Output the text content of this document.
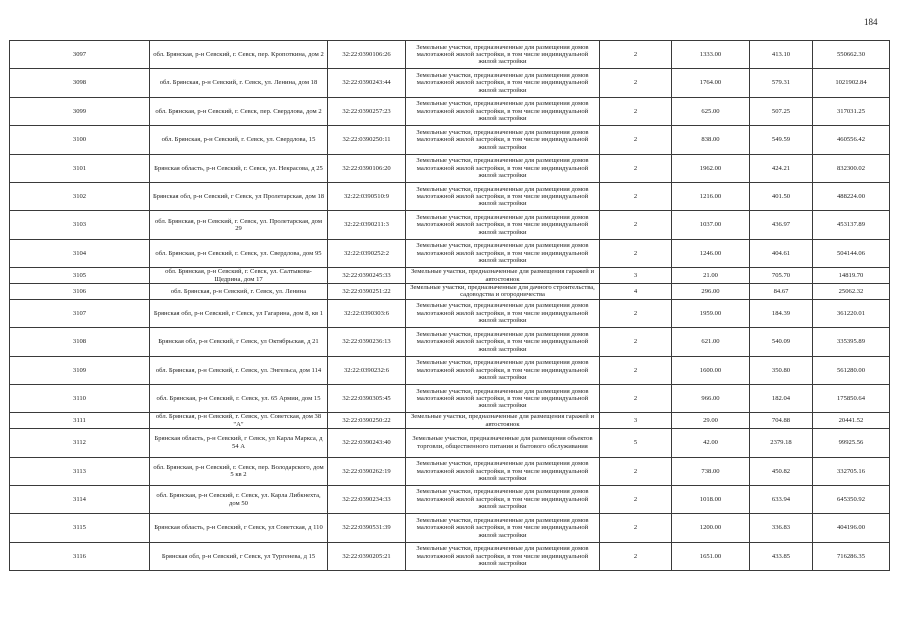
184
3097	обл. Брянская, р-н Севский, г. Севск, пер. Кропоткина, дом 2	32:22:0390106:26	Земельные участки, предназначенные для размещения домов малоэтажной жилой застройки, в том числе индивидуальной жилой застройки	2	1333.00	413.10	550662.30
3098	обл. Брянская, р-н Севский, г. Севск, ул. Ленина, дом 18	32:22:0390243:44	Земельные участки, предназначенные для размещения домов малоэтажной жилой застройки, в том числе индивидуальной жилой застройки	2	1764.00	579.31	1021902.84
3099	обл. Брянская, р-н Севский, г. Севск, пер. Свердлова, дом 2	32:22:0390257:23	Земельные участки, предназначенные для размещения домов малоэтажной жилой застройки, в том числе индивидуальной жилой застройки	2	625.00	507.25	317031.25
3100	обл. Брянская, р-н Севский, г. Севск, ул. Свердлова, 15	32:22:0390250:11	Земельные участки, предназначенные для размещения домов малоэтажной жилой застройки, в том числе индивидуальной жилой застройки	2	838.00	549.59	460556.42
3101	Брянская область, р-н Севский, г. Севск, ул. Некрасова, д 25	32:22:0390106:20	Земельные участки, предназначенные для размещения домов малоэтажной жилой застройки, в том числе индивидуальной жилой застройки	2	1962.00	424.21	832300.02
3102	Брянская обл, р-н Севский, г Севск, ул Пролетарская, дом 18	32:22:0390510:9	Земельные участки, предназначенные для размещения домов малоэтажной жилой застройки, в том числе индивидуальной жилой застройки	2	1216.00	401.50	488224.00
3103	обл. Брянская, р-н Севский, г. Севск, ул. Пролетарская, дом 29	32:22:0390211:3	Земельные участки, предназначенные для размещения домов малоэтажной жилой застройки, в том числе индивидуальной жилой застройки	2	1037.00	436.97	453137.89
3104	обл. Брянская, р-н Севский, г. Севск, ул. Свердлова, дом 95	32:22:0390252:2	Земельные участки, предназначенные для размещения домов малоэтажной жилой застройки, в том числе индивидуальной жилой застройки	2	1246.00	404.61	504144.06
3105	обл. Брянская, р-н Севский, г. Севск, ул. Салтыкова-Щедрина, дом 17	32:22:0390245:33	Земельные участки, предназначенные для размещения гаражей и автостоянок	3	21.00	705.70	14819.70
3106	обл. Брянская, р-н Севский, г. Севск, ул. Ленина	32:22:0390251:22	Земельные участки, предназначенные для дачного строительства, садоводства и огородничества	4	296.00	84.67	25062.32
3107	Брянская обл, р-н Севский, г Севск, ул Гагарина, дом 8, кв 1	32:22:0390303:6	Земельные участки, предназначенные для размещения домов малоэтажной жилой застройки, в том числе индивидуальной жилой застройки	2	1959.00	184.39	361220.01
3108	Брянская обл, р-н Севский, г Севск, ул Октябрьская, д 21	32:22:0390236:13	Земельные участки, предназначенные для размещения домов малоэтажной жилой застройки, в том числе индивидуальной жилой застройки	2	621.00	540.09	335395.89
3109	обл. Брянская, р-н Севский, г. Севск, ул. Энгельса, дом 114	32:22:0390232:6	Земельные участки, предназначенные для размещения домов малоэтажной жилой застройки, в том числе индивидуальной жилой застройки	2	1600.00	350.80	561280.00
3110	обл. Брянская, р-н Севский, г. Севск, ул. 65 Армии, дом 15	32:22:0390305:45	Земельные участки, предназначенные для размещения домов малоэтажной жилой застройки, в том числе индивидуальной жилой застройки	2	966.00	182.04	175850.64
3111	обл. Брянская, р-н Севский, г. Севск, ул. Советская, дом 38 "А"	32:22:0390250:22	Земельные участки, предназначенные для размещения гаражей и автостоянок	3	29.00	704.88	20441.52
3112	Брянская область, р-н Севский, г Севск, ул Карла Маркса, д 54 А	32:22:0390243:40	Земельные участки, предназначенные для размещения объектов торговли, общественного питания и бытового обслуживания	5	42.00	2379.18	99925.56
3113	обл. Брянская, р-н Севский, г. Севск, пер. Володарского, дом 5 кв 2	32:22:0390262:19	Земельные участки, предназначенные для размещения домов малоэтажной жилой застройки, в том числе индивидуальной жилой застройки	2	738.00	450.82	332705.16
3114	обл. Брянская, р-н Севский, г. Севск, ул. Карла Либкнехта, дом 50	32:22:0390234:33	Земельные участки, предназначенные для размещения домов малоэтажной жилой застройки, в том числе индивидуальной жилой застройки	2	1018.00	633.94	645350.92
3115	Брянская область, р-н Севский, г Севск, ул Советская, д 110	32:22:0390531:39	Земельные участки, предназначенные для размещения домов малоэтажной жилой застройки, в том числе индивидуальной жилой застройки	2	1200.00	336.83	404196.00
3116	Брянская обл, р-н Севский, г Севск, ул Тургенева, д 15	32:22:0390205:21	Земельные участки, предназначенные для размещения домов малоэтажной жилой застройки, в том числе индивидуальной жилой застройки	2	1651.00	433.85	716286.35
